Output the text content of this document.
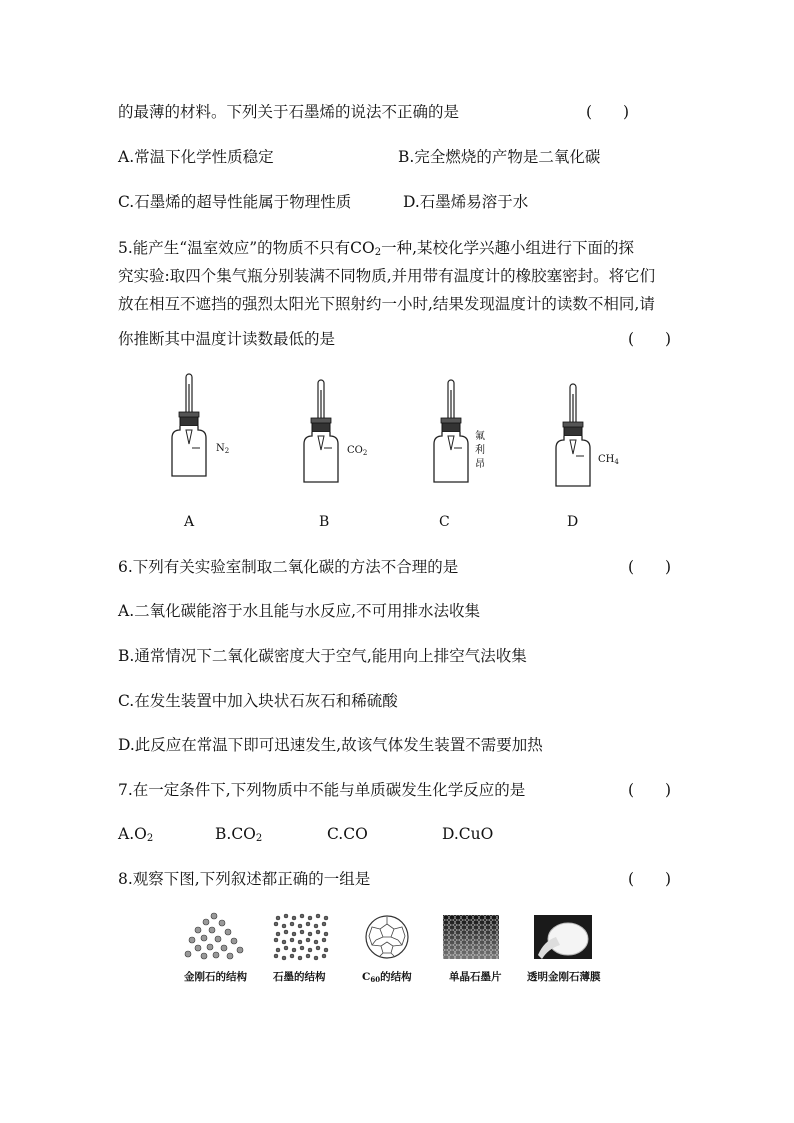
的最薄的材料。下列关于石墨烯的说法不正确的是	(　　)
A.常温下化学性质稳定	B.完全燃烧的产物是二氧化碳
C.石墨烯的超导性能属于物理性质	D.石墨烯易溶于水
5.能产生“温室效应”的物质不只有$CO_2$一种,某校化学兴趣小组进行下面的探
究实验:取四个集气瓶分别装满不同物质,并用带有温度计的橡胶塞密封。将它们
放在相互不遮挡的强烈太阳光下照射约一小时,结果发现温度计的读数不相同,请
你推断其中温度计读数最低的是	(　　)
$N_2$	$CO_2$
氟利昂	$CH_4$
A	B	C	D
6.下列有关实验室制取二氧化碳的方法不合理的是	(　　)
A.二氧化碳能溶于水且能与水反应,不可用排水法收集
B.通常情况下二氧化碳密度大于空气,能用向上排空气法收集
C.在发生装置中加入块状石灰石和稀硫酸
D.此反应在常温下即可迅速发生,故该气体发生装置不需要加热
7.在一定条件下,下列物质中不能与单质碳发生化学反应的是	(　　)
$A.O_2$	$B.CO_2$	C.CO	D.CuO
8.观察下图,下列叙述都正确的一组是	(　　)
金刚石的结构 石墨的结构	$C_{60}$的结构	单晶石墨片 透明金刚石薄膜
